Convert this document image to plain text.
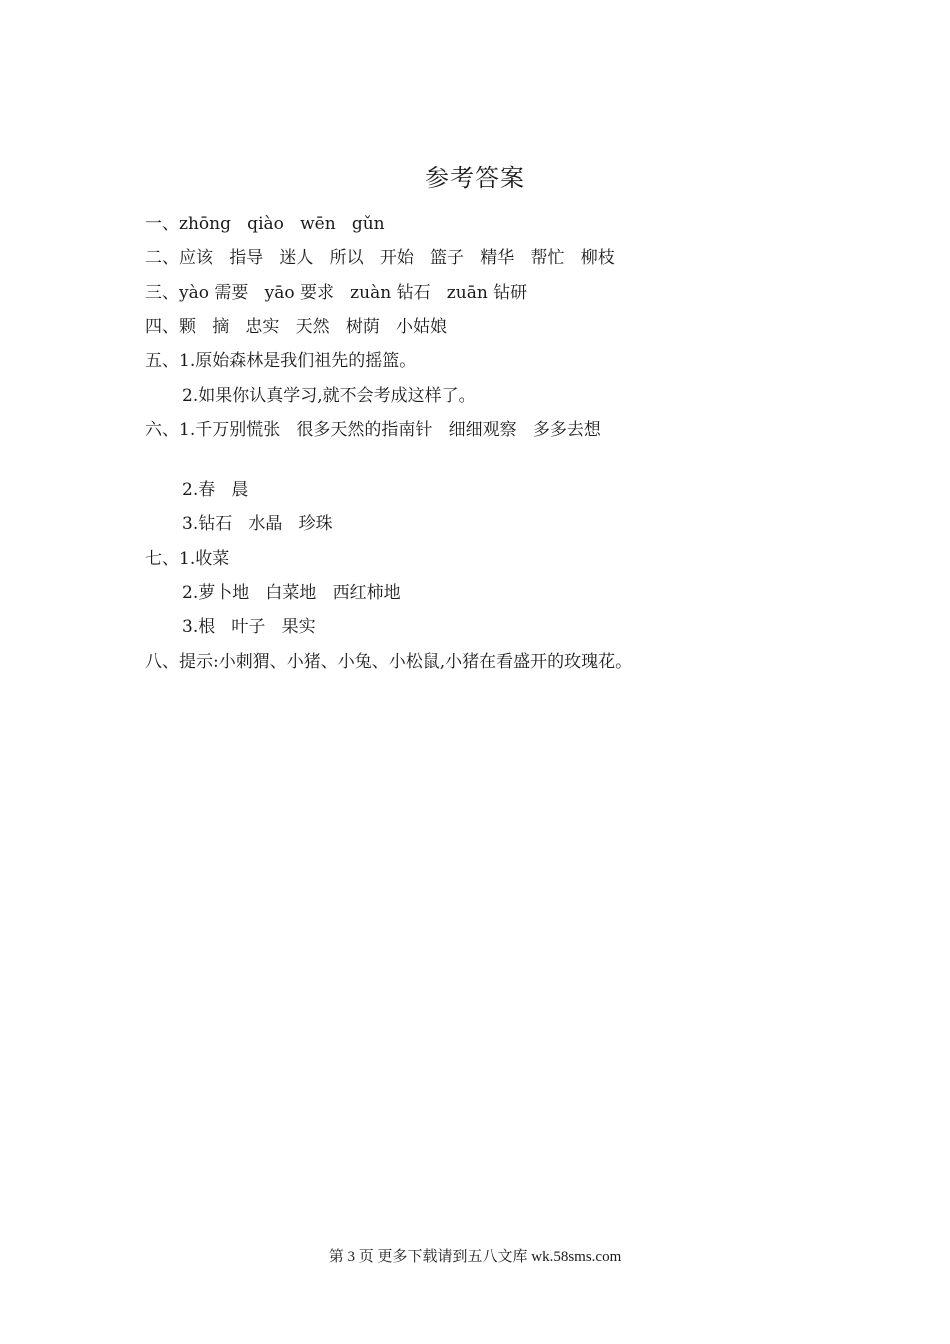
参考答案
一、zhōng   qiào   wēn   gǔn
二、应该   指导   迷人   所以   开始   篮子   精华   帮忙   柳枝
三、yào 需要   yāo 要求   zuàn 钻石   zuān 钻研
四、颗   摘   忠实   天然   树荫   小姑娘
五、1.原始森林是我们祖先的摇篮。
2.如果你认真学习,就不会考成这样了。
六、1.千万别慌张   很多天然的指南针   细细观察   多多去想
2.春   晨
3.钻石   水晶   珍珠
七、1.收菜
2.萝卜地   白菜地   西红柿地
3.根   叶子   果实
八、提示:小刺猬、小猪、小兔、小松鼠,小猪在看盛开的玫瑰花。
第 3 页 更多下载请到五八文库 wk.58sms.com
